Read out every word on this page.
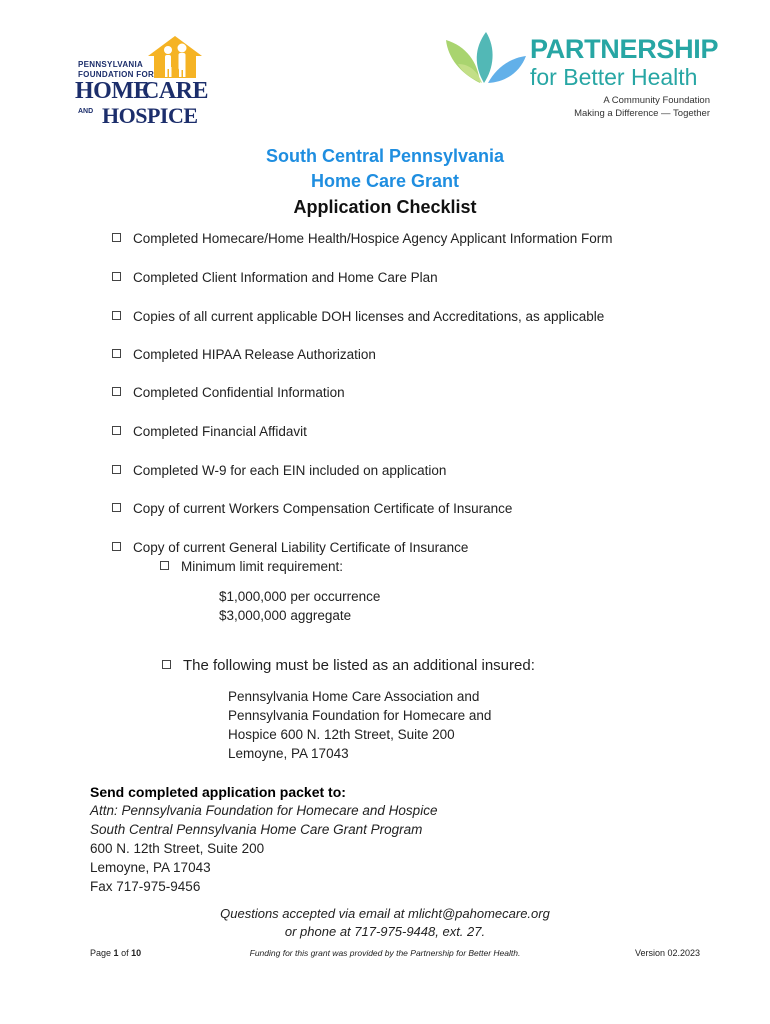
PENNSYLVANIA
FOUNDATION FOR
HOME
CARE
AND HOSPICE
PARTNERSHIP
for Better Health
A Community Foundation
Making a Difference — Together
South Central Pennsylvania
Home Care Grant
Application Checklist
Completed Homecare/Home Health/Hospice Agency Applicant Information Form
Completed Client Information and Home Care Plan
Copies of all current applicable DOH licenses and Accreditations, as applicable
Completed HIPAA Release Authorization
Completed Confidential Information
Completed Financial Affidavit
Completed W-9 for each EIN included on application
Copy of current Workers Compensation Certificate of Insurance
Copy of current General Liability Certificate of Insurance
Minimum limit requirement:
$1,000,000 per occurrence
$3,000,000 aggregate
The following must be listed as an additional insured:
Pennsylvania Home Care Association and
Pennsylvania Foundation for Homecare and
Hospice 600 N. 12th Street, Suite 200
Lemoyne, PA 17043
Send completed application packet to:
Attn: Pennsylvania Foundation for Homecare and Hospice
South Central Pennsylvania Home Care Grant Program
600 N. 12th Street, Suite 200
Lemoyne, PA 17043
Fax 717-975-9456
Questions accepted via email at mlicht@pahomecare.org
or phone at 717-975-9448, ext. 27.
Page 1 of 10	Funding for this grant was provided by the Partnership for Better Health.	Version 02.2023
